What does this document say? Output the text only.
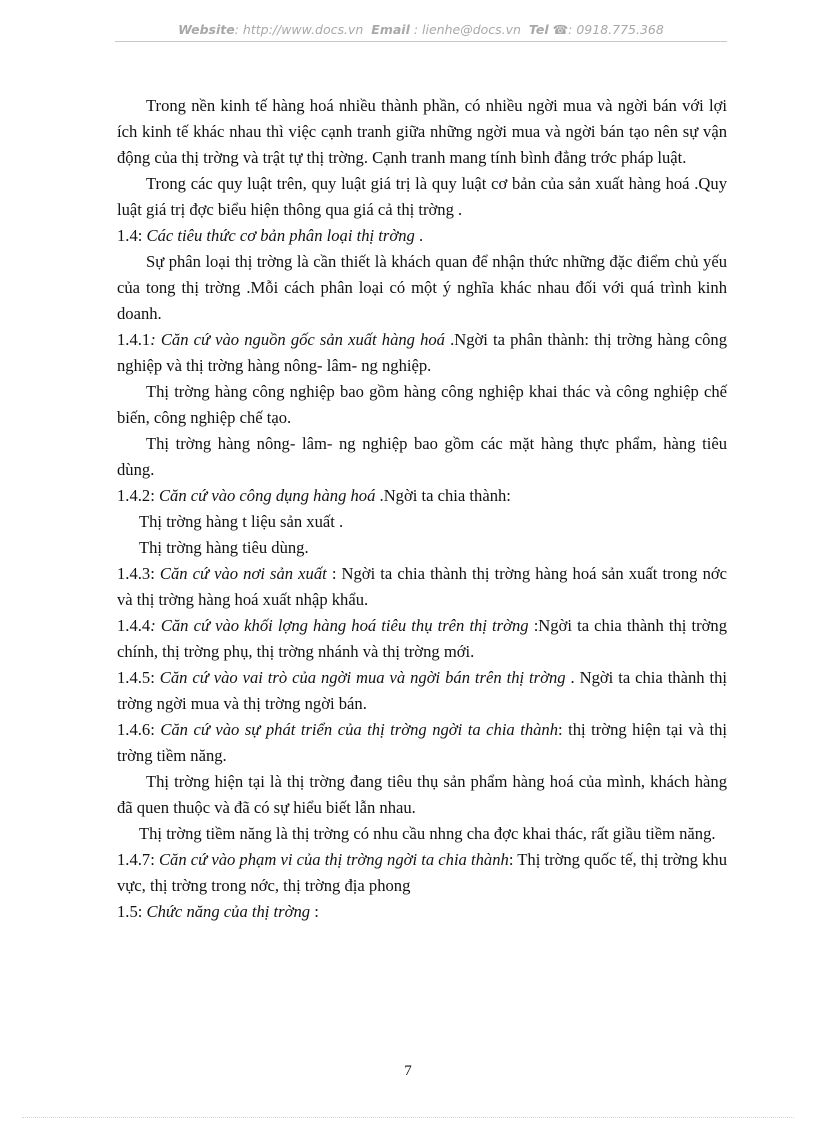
Website: http://www.docs.vn Email : lienhe@docs.vn Tel ☎: 0918.775.368

Trong nền kinh tế hàng hoá nhiều thành phần, có nhiều ngời mua và ngời bán với lợi ích kinh tế khác nhau thì việc cạnh tranh giữa những ngời mua và ngời bán tạo nên sự vận động của thị trờng và trật tự thị trờng. Cạnh tranh mang tính bình đẳng trớc pháp luật.

Trong các quy luật trên, quy luật giá trị là quy luật cơ bản của sản xuất hàng hoá .Quy luật giá trị đợc biểu hiện thông qua giá cả thị trờng .

1.4: Các tiêu thức cơ bản phân loại thị trờng .

Sự phân loại thị trờng là cần thiết là khách quan để nhận thức những đặc điểm chủ yếu của tong thị trờng .Mỗi cách phân loại có một ý nghĩa khác nhau đối với quá trình kinh doanh.

1.4.1: Căn cứ vào nguồn gốc sản xuất hàng hoá .Ngời ta phân thành: thị trờng hàng công nghiệp và thị trờng hàng nông- lâm- ng nghiệp.

Thị trờng hàng công nghiệp bao gồm hàng công nghiệp khai thác và công nghiệp chế biến, công nghiệp chế tạo.

Thị trờng hàng nông- lâm- ng nghiệp bao gồm các mặt hàng thực phẩm, hàng tiêu dùng.

1.4.2: Căn cứ vào công dụng hàng hoá .Ngời ta chia thành:

Thị trờng hàng t liệu sản xuất .

Thị trờng hàng tiêu dùng.

1.4.3: Căn cứ vào nơi sản xuất : Ngời ta chia thành thị trờng hàng hoá sản xuất trong nớc và thị trờng hàng hoá xuất nhập khẩu.

1.4.4: Căn cứ vào khối lợng hàng hoá tiêu thụ trên thị trờng :Ngời ta chia thành thị trờng chính, thị trờng phụ, thị trờng nhánh và thị trờng mới.

1.4.5: Căn cứ vào vai trò của ngời mua và ngời bán trên thị trờng . Ngời ta chia thành thị trờng ngời mua và thị trờng ngời bán.

1.4.6: Căn cứ vào sự phát triển của thị trờng ngời ta chia thành: thị trờng hiện tại và thị trờng tiềm năng.

Thị trờng hiện tại là thị trờng đang tiêu thụ sản phẩm hàng hoá của mình, khách hàng đã quen thuộc và đã có sự hiểu biết lẫn nhau.

Thị trờng tiềm năng là thị trờng có nhu cầu nhng cha đợc khai thác, rất giầu tiềm năng.

1.4.7: Căn cứ vào phạm vi của thị trờng ngời ta chia thành: Thị trờng quốc tế, thị trờng khu vực, thị trờng trong nớc, thị trờng địa phong

1.5: Chức năng của thị trờng :

7
